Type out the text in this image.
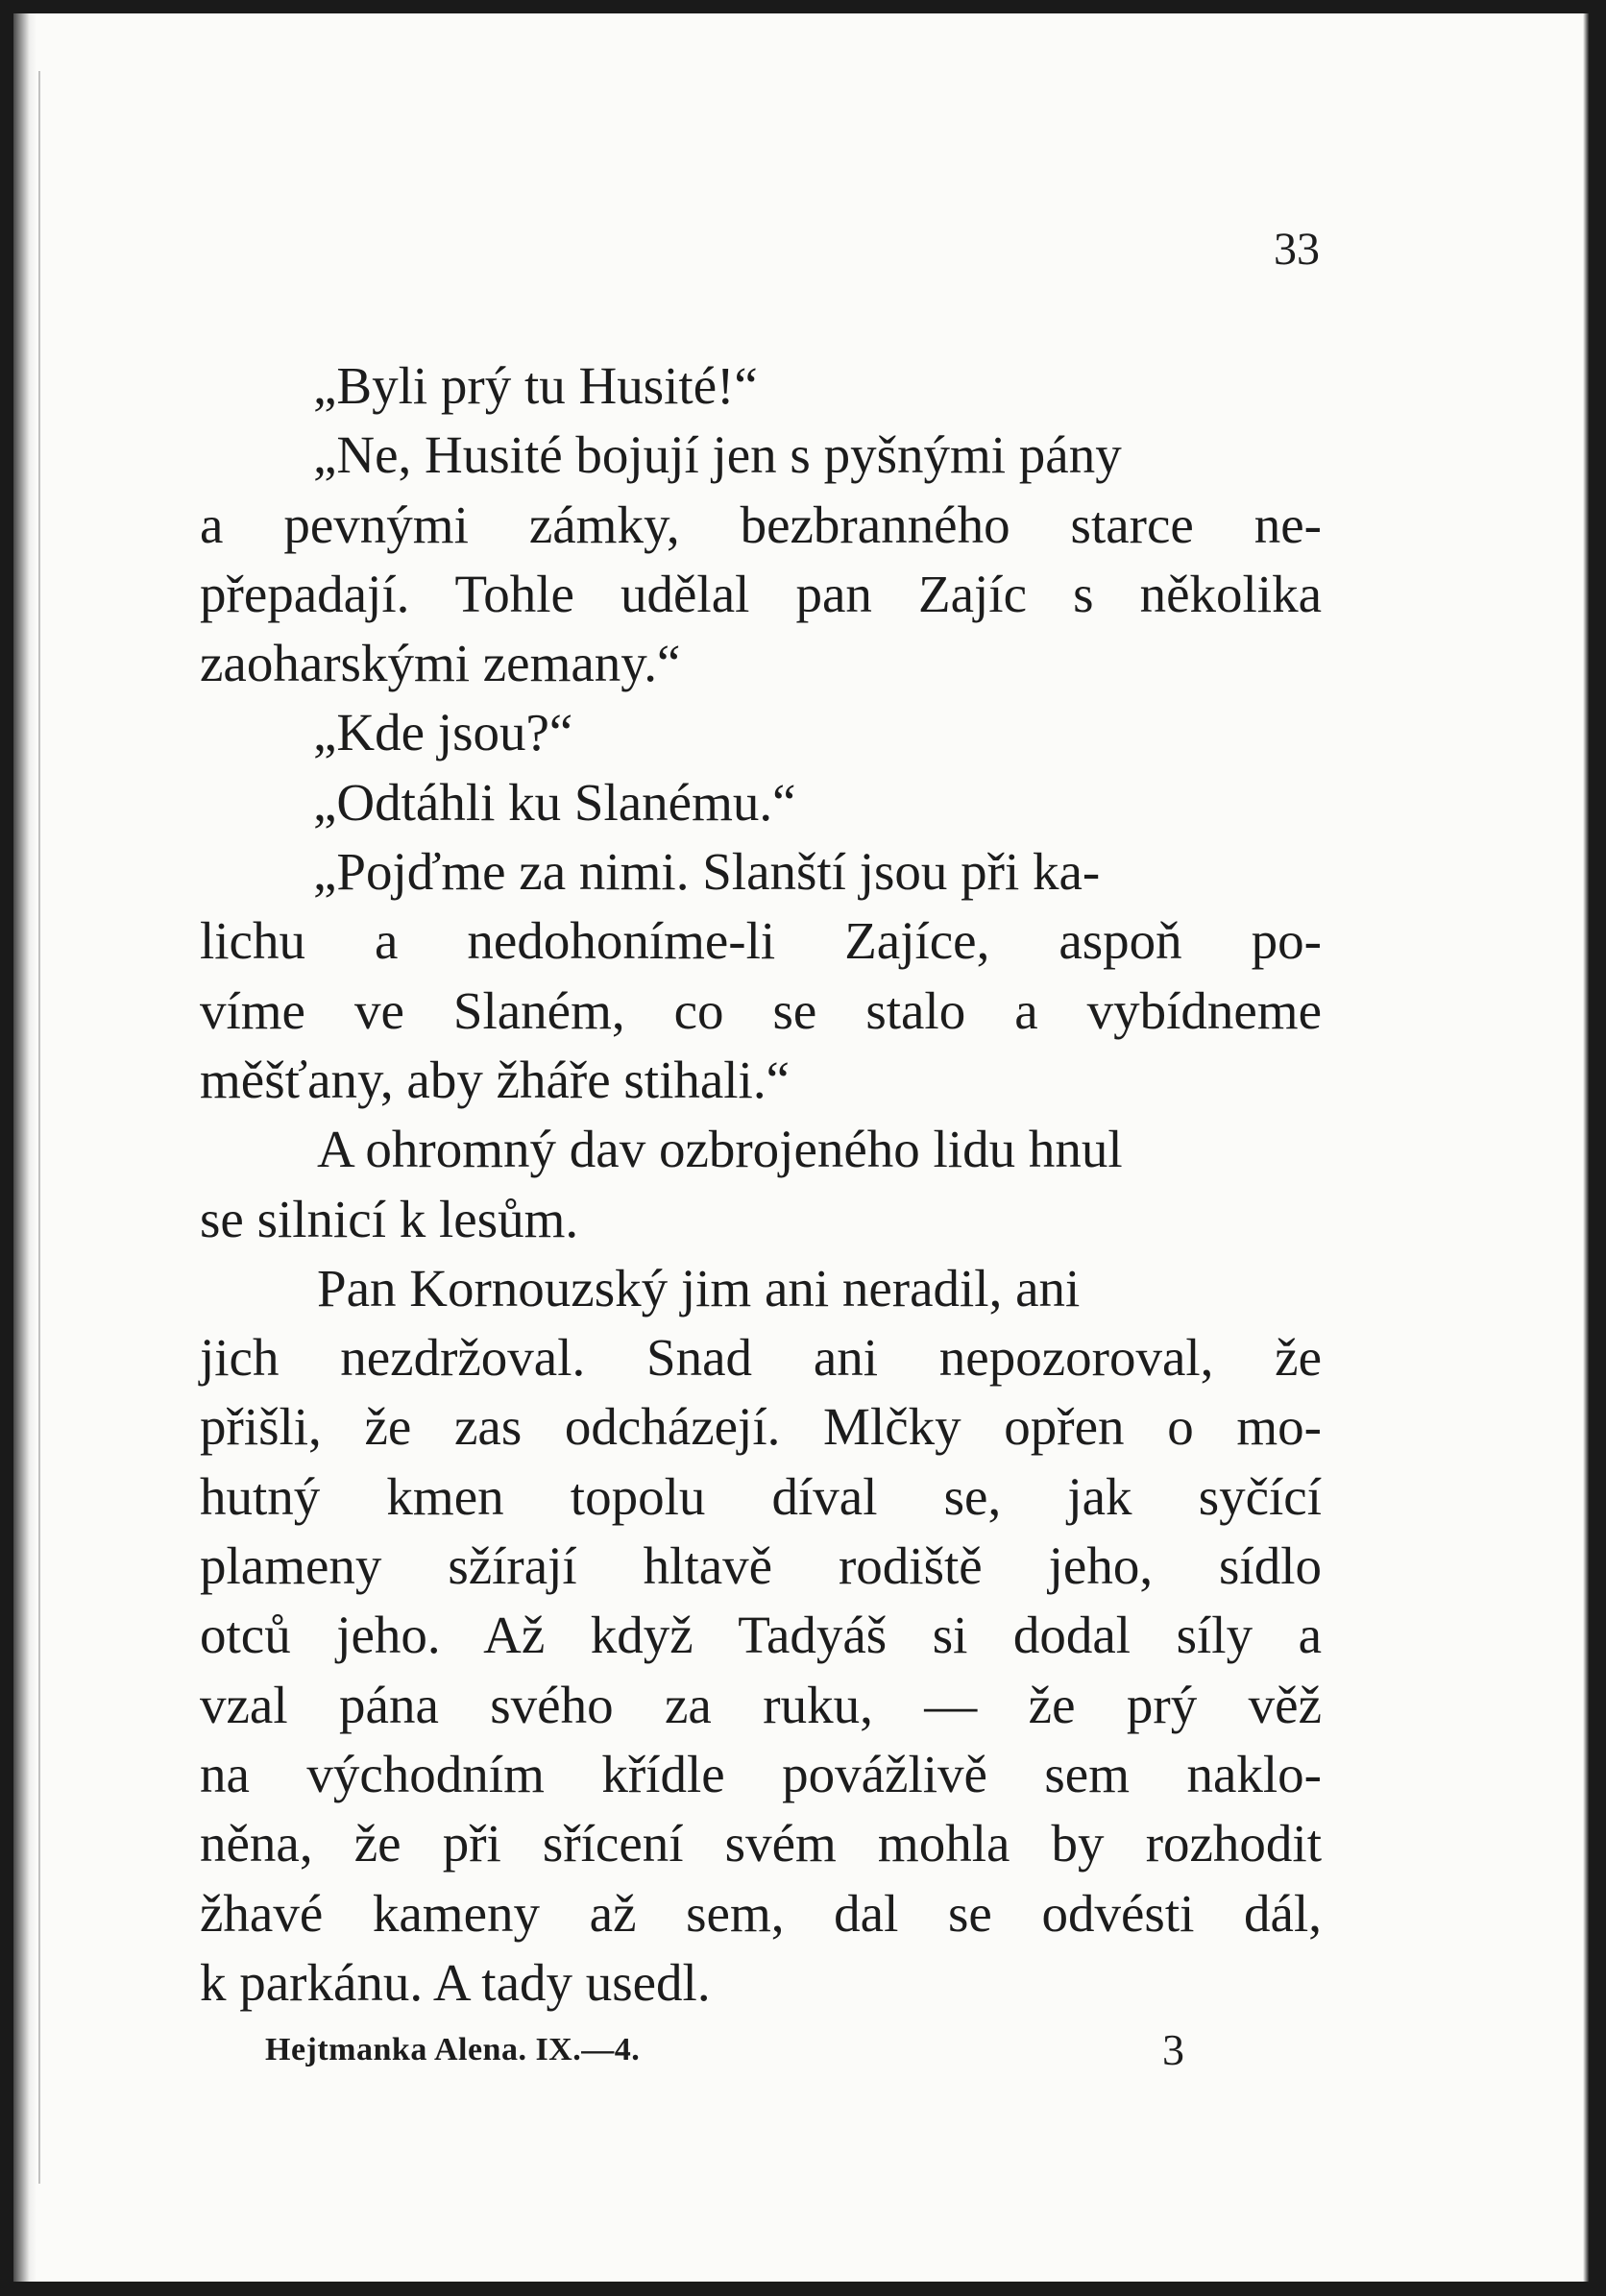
33
„Byli prý tu Husité!“
„Ne, Husité bojují jen s pyšnými pány
a pevnými zámky, bezbranného starce ne-
přepadají. Tohle udělal pan Zajíc s několika
zaoharskými zemany.“
„Kde jsou?“
„Odtáhli ku Slanému.“
„Pojďme za nimi. Slanští jsou při ka-
lichu a nedohoníme-li Zajíce, aspoň po-
víme ve Slaném, co se stalo a vybídneme
měšťany, aby žháře stihali.“
A ohromný dav ozbrojeného lidu hnul
se silnicí k lesům.
Pan Kornouzský jim ani neradil, ani
jich nezdržoval. Snad ani nepozoroval, že
přišli, že zas odcházejí. Mlčky opřen o mo-
hutný kmen topolu díval se, jak syčící
plameny sžírají hltavě rodiště jeho, sídlo
otců jeho. Až když Tadyáš si dodal síly a
vzal pána svého za ruku, — že prý věž
na východním křídle povážlivě sem naklo-
něna, že při sřícení svém mohla by rozhodit
žhavé kameny až sem, dal se odvésti dál,
k parkánu. A tady usedl.
Hejtmanka Alena. IX.—4.	3
